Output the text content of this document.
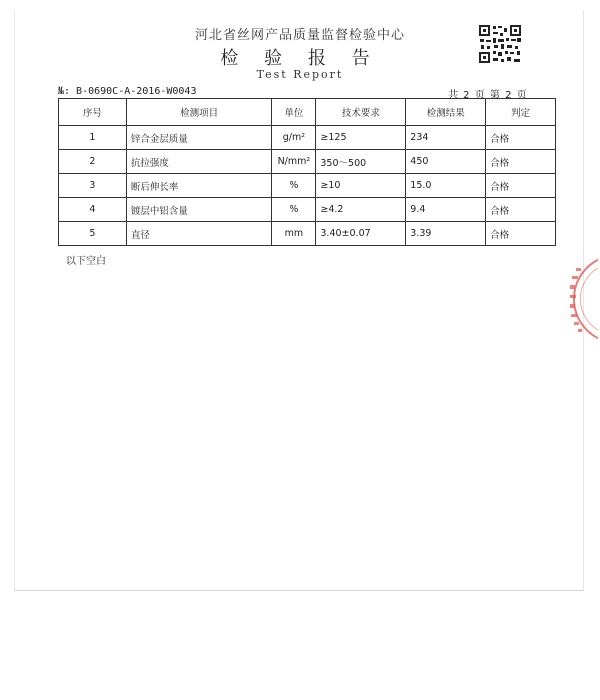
河北省丝网产品质量监督检验中心
检 验 报 告
Test Report
№: B-0690C-A-2016-W0043	共 2 页 第 2 页
序号	检测项目	单位	技术要求	检测结果	判定
1	锌合金层质量	g/m²	≥125	234	合格
2	抗拉强度	N/mm²	350～500	450	合格
3	断后伸长率	%	≥10	15.0	合格
4	镀层中铝含量	%	≥4.2	9.4	合格
5	直径	mm	3.40±0.07	3.39	合格
以下空白
